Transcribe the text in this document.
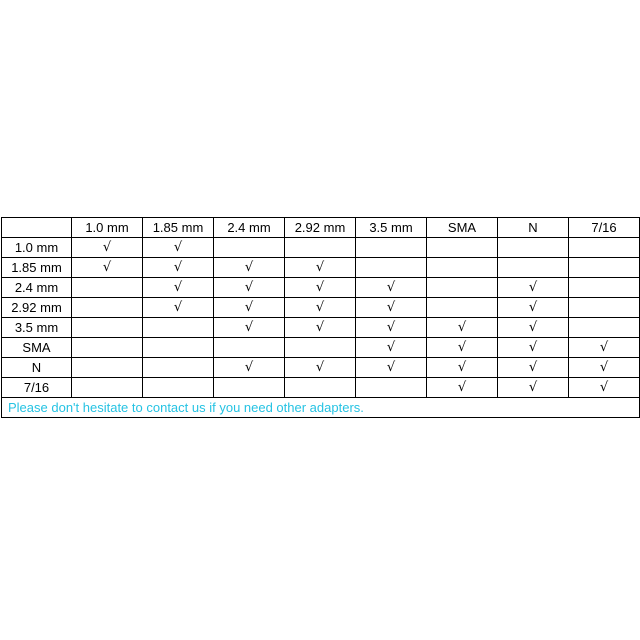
	1.0 mm	1.85 mm	2.4 mm	2.92 mm	3.5 mm	SMA	N	7/16
1.0 mm	√	√						
1.85 mm	√	√	√	√				
2.4 mm		√	√	√	√		√	
2.92 mm		√	√	√	√		√	
3.5 mm			√	√	√	√	√	
SMA					√	√	√	√
N			√	√	√	√	√	√
7/16						√	√	√
Please don't hesitate to contact us if you need other adapters.								
